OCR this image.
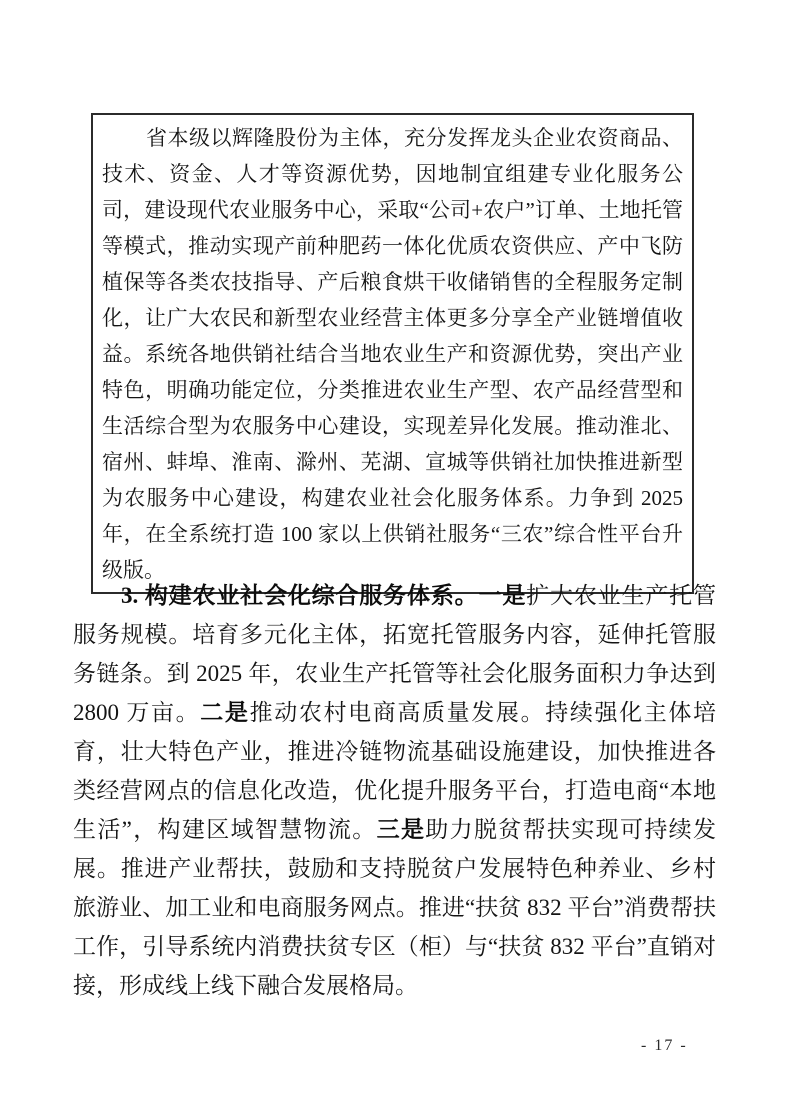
省本级以辉隆股份为主体，充分发挥龙头企业农资商品、技术、资金、人才等资源优势，因地制宜组建专业化服务公司，建设现代农业服务中心，采取“公司+农户”订单、土地托管等模式，推动实现产前种肥药一体化优质农资供应、产中飞防植保等各类农技指导、产后粮食烘干收储销售的全程服务定制化，让广大农民和新型农业经营主体更多分享全产业链增值收益。系统各地供销社结合当地农业生产和资源优势，突出产业特色，明确功能定位，分类推进农业生产型、农产品经营型和生活综合型为农服务中心建设，实现差异化发展。推动淮北、宿州、蚌埠、淮南、滁州、芜湖、宣城等供销社加快推进新型为农服务中心建设，构建农业社会化服务体系。力争到 2025 年，在全系统打造 100 家以上供销社服务“三农”综合性平台升级版。

3. 构建农业社会化综合服务体系。一是扩大农业生产托管服务规模。培育多元化主体，拓宽托管服务内容，延伸托管服务链条。到 2025 年，农业生产托管等社会化服务面积力争达到 2800 万亩。二是推动农村电商高质量发展。持续强化主体培育，壮大特色产业，推进冷链物流基础设施建设，加快推进各类经营网点的信息化改造，优化提升服务平台，打造电商“本地生活”，构建区域智慧物流。三是助力脱贫帮扶实现可持续发展。推进产业帮扶，鼓励和支持脱贫户发展特色种养业、乡村旅游业、加工业和电商服务网点。推进“扶贫 832 平台”消费帮扶工作，引导系统内消费扶贫专区（柜）与“扶贫 832 平台”直销对接，形成线上线下融合发展格局。

- 17 -
